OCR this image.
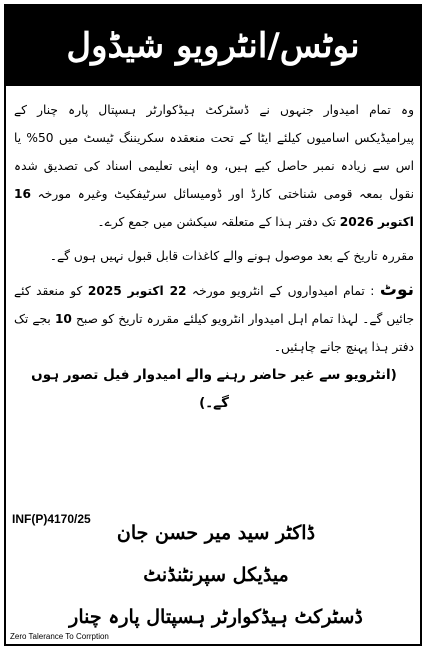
نوٹس/انٹرویو شیڈول

وہ تمام امیدوار جنہوں نے ڈسٹرکٹ ہیڈکوارٹر ہسپتال پارہ چنار کے پیرامیڈیکس اسامیوں کیلئے ایٹا کے تحت منعقدہ سکریننگ ٹیسٹ میں 50% یا اس سے زیادہ نمبر حاصل کیے ہیں، وہ اپنی تعلیمی اسناد کی تصدیق شدہ نقول بمعہ قومی شناختی کارڈ اور ڈومیسائل سرٹیفکیٹ وغیرہ مورخہ 16 اکتوبر 2026 تک دفتر ہذا کے متعلقہ سیکشن میں جمع کرے۔

مقررہ تاریخ کے بعد موصول ہونے والے کاغذات قابل قبول نہیں ہوں گے۔

نوٹ : تمام امیدواروں کے انٹرویو مورخہ 22 اکتوبر 2025 کو منعقد کئے جائیں گے۔ لہذا تمام اہل امیدوار انٹرویو کیلئے مقررہ تاریخ کو صبح 10 بجے تک دفتر ہذا پہنچ جانے چاہئیں۔

(انٹرویو سے غیر حاضر رہنے والے امیدوار فیل تصور ہوں گے۔)

INF(P)4170/25
ڈاکٹر سید میر حسن جان
میڈیکل سپرنٹنڈنٹ
ڈسٹرکٹ ہیڈکوارٹر ہسپتال پارہ چنار
Zero Talerance To Corrption
